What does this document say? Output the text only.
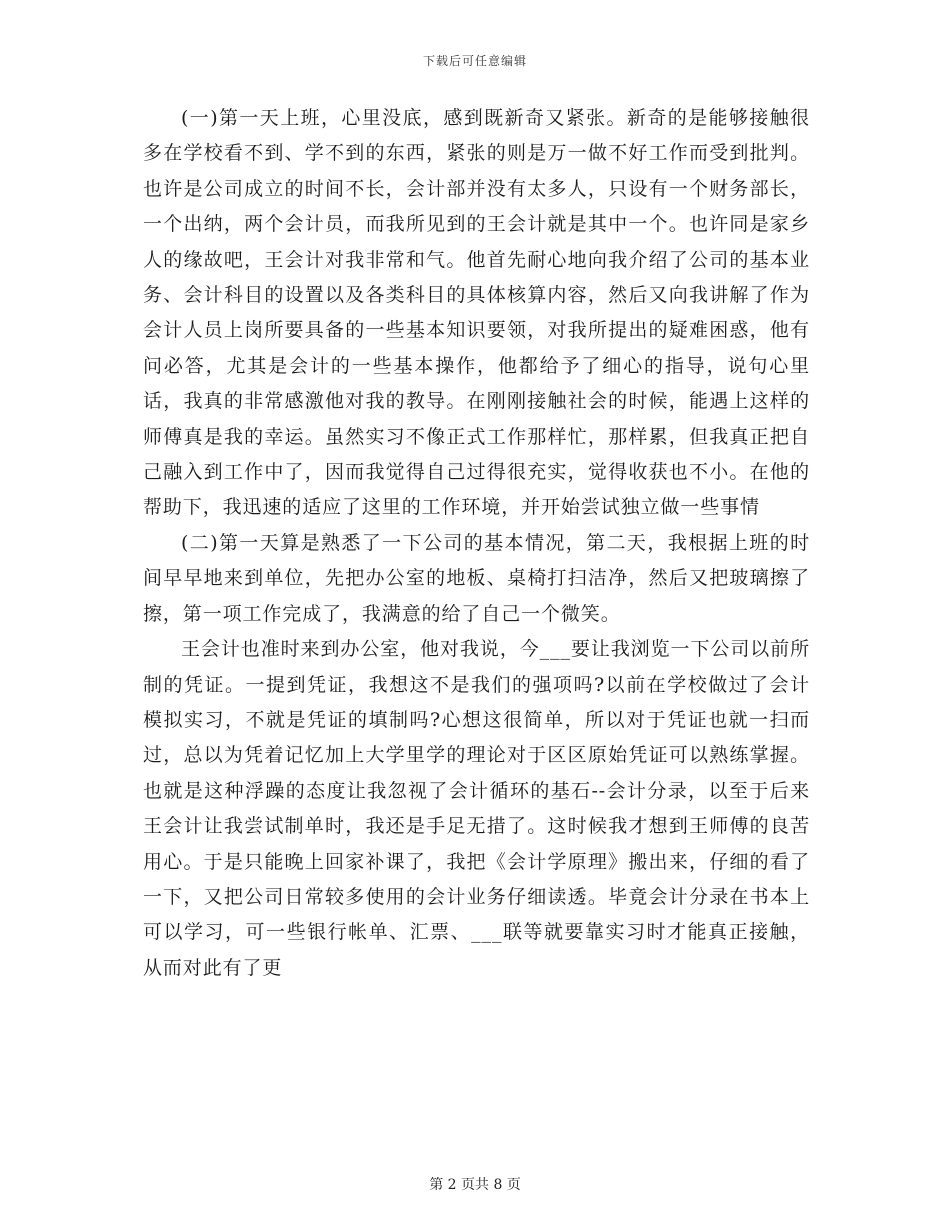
下载后可任意编辑

(一)第一天上班，心里没底，感到既新奇又紧张。新奇的是能够接触很多在学校看不到、学不到的东西，紧张的则是万一做不好工作而受到批判。也许是公司成立的时间不长，会计部并没有太多人，只设有一个财务部长，一个出纳，两个会计员，而我所见到的王会计就是其中一个。也许同是家乡人的缘故吧，王会计对我非常和气。他首先耐心地向我介绍了公司的基本业务、会计科目的设置以及各类科目的具体核算内容，然后又向我讲解了作为会计人员上岗所要具备的一些基本知识要领，对我所提出的疑难困惑，他有问必答，尤其是会计的一些基本操作，他都给予了细心的指导，说句心里话，我真的非常感激他对我的教导。在刚刚接触社会的时候，能遇上这样的师傅真是我的幸运。虽然实习不像正式工作那样忙，那样累，但我真正把自己融入到工作中了，因而我觉得自己过得很充实，觉得收获也不小。在他的帮助下，我迅速的适应了这里的工作环境，并开始尝试独立做一些事情

(二)第一天算是熟悉了一下公司的基本情况，第二天，我根据上班的时间早早地来到单位，先把办公室的地板、桌椅打扫洁净，然后又把玻璃擦了擦，第一项工作完成了，我满意的给了自己一个微笑。

王会计也准时来到办公室，他对我说，今___要让我浏览一下公司以前所制的凭证。一提到凭证，我想这不是我们的强项吗?以前在学校做过了会计模拟实习，不就是凭证的填制吗?心想这很简单，所以对于凭证也就一扫而过，总以为凭着记忆加上大学里学的理论对于区区原始凭证可以熟练掌握。也就是这种浮躁的态度让我忽视了会计循环的基石--会计分录，以至于后来王会计让我尝试制单时，我还是手足无措了。这时候我才想到王师傅的良苦用心。于是只能晚上回家补课了，我把《会计学原理》搬出来，仔细的看了一下，又把公司日常较多使用的会计业务仔细读透。毕竟会计分录在书本上可以学习，可一些银行帐单、汇票、___联等就要靠实习时才能真正接触，从而对此有了更

第 2 页共 8 页
